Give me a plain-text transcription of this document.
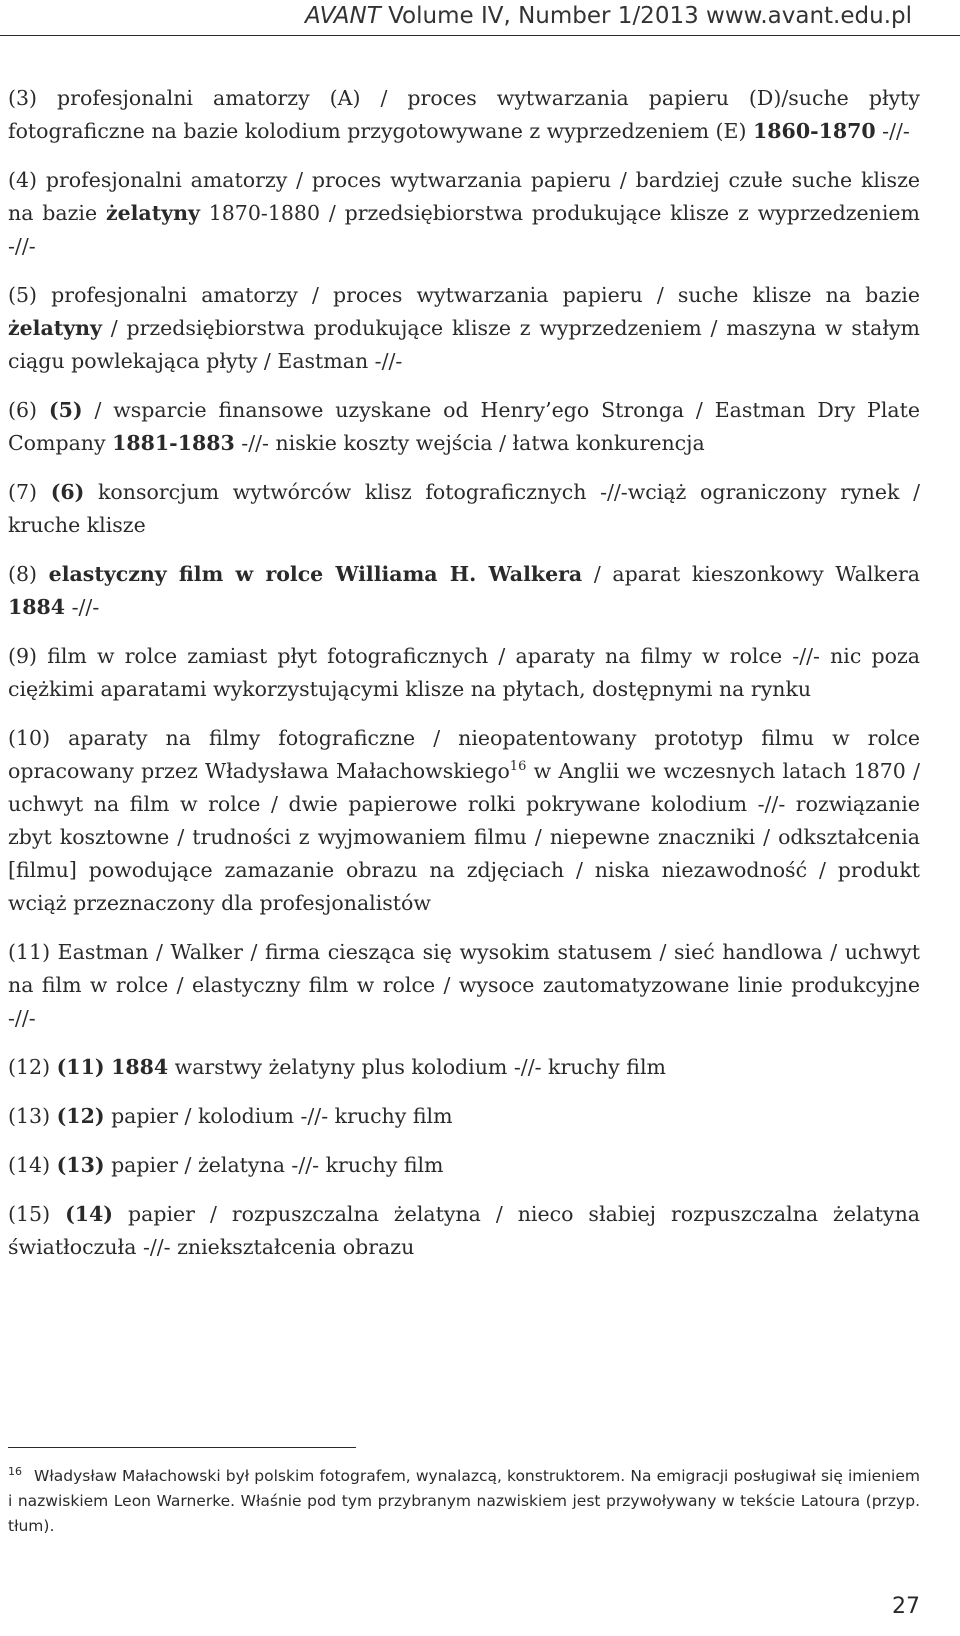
AVANT Volume IV, Number 1/2013 www.avant.edu.pl

(3) profesjonalni amatorzy (A) / proces wytwarzania papieru (D)/suche płyty fotograficzne na bazie kolodium przygotowywane z wyprzedzeniem (E) 1860-1870 -//-

(4) profesjonalni amatorzy / proces wytwarzania papieru / bardziej czułe suche klisze na bazie żelatyny 1870-1880 / przedsiębiorstwa produkujące klisze z wyprzedzeniem -//-

(5) profesjonalni amatorzy / proces wytwarzania papieru / suche klisze na bazie żelatyny / przedsiębiorstwa produkujące klisze z wyprzedzeniem / maszyna w stałym ciągu powlekająca płyty / Eastman -//-

(6) (5) / wsparcie finansowe uzyskane od Henry’ego Stronga / Eastman Dry Plate Company 1881-1883 -//- niskie koszty wejścia / łatwa konkurencja

(7) (6) konsorcjum wytwórców klisz fotograficznych -//-wciąż ograniczony rynek / kruche klisze

(8) elastyczny film w rolce Williama H. Walkera / aparat kieszonkowy Walkera 1884 -//-

(9) film w rolce zamiast płyt fotograficznych / aparaty na filmy w rolce -//- nic poza ciężkimi aparatami wykorzystującymi klisze na płytach, dostępnymi na rynku

(10) aparaty na filmy fotograficzne / nieopatentowany prototyp filmu w rolce opracowany przez Władysława Małachowskiego$^{16}$ w Anglii we wczesnych latach 1870 / uchwyt na film w rolce / dwie papierowe rolki pokrywane kolodium -//- rozwiązanie zbyt kosztowne / trudności z wyjmowaniem filmu / niepewne znaczniki / odkształcenia [filmu] powodujące zamazanie obrazu na zdjęciach / niska niezawodność / produkt wciąż przeznaczony dla profesjonalistów

(11) Eastman / Walker / firma ciesząca się wysokim statusem / sieć handlowa / uchwyt na film w rolce / elastyczny film w rolce / wysoce zautomatyzowane linie produkcyjne -//-

(12) (11) 1884 warstwy żelatyny plus kolodium -//- kruchy film

(13) (12) papier / kolodium -//- kruchy film

(14) (13) papier / żelatyna -//- kruchy film

(15) (14) papier / rozpuszczalna żelatyna / nieco słabiej rozpuszczalna żelatyna światłoczuła -//- zniekształcenia obrazu

$^{16}$ Władysław Małachowski był polskim fotografem, wynalazcą, konstruktorem. Na emigracji posługiwał się imieniem i nazwiskiem Leon Warnerke. Właśnie pod tym przybranym nazwiskiem jest przywoływany w tekście Latoura (przyp. tłum).
27
